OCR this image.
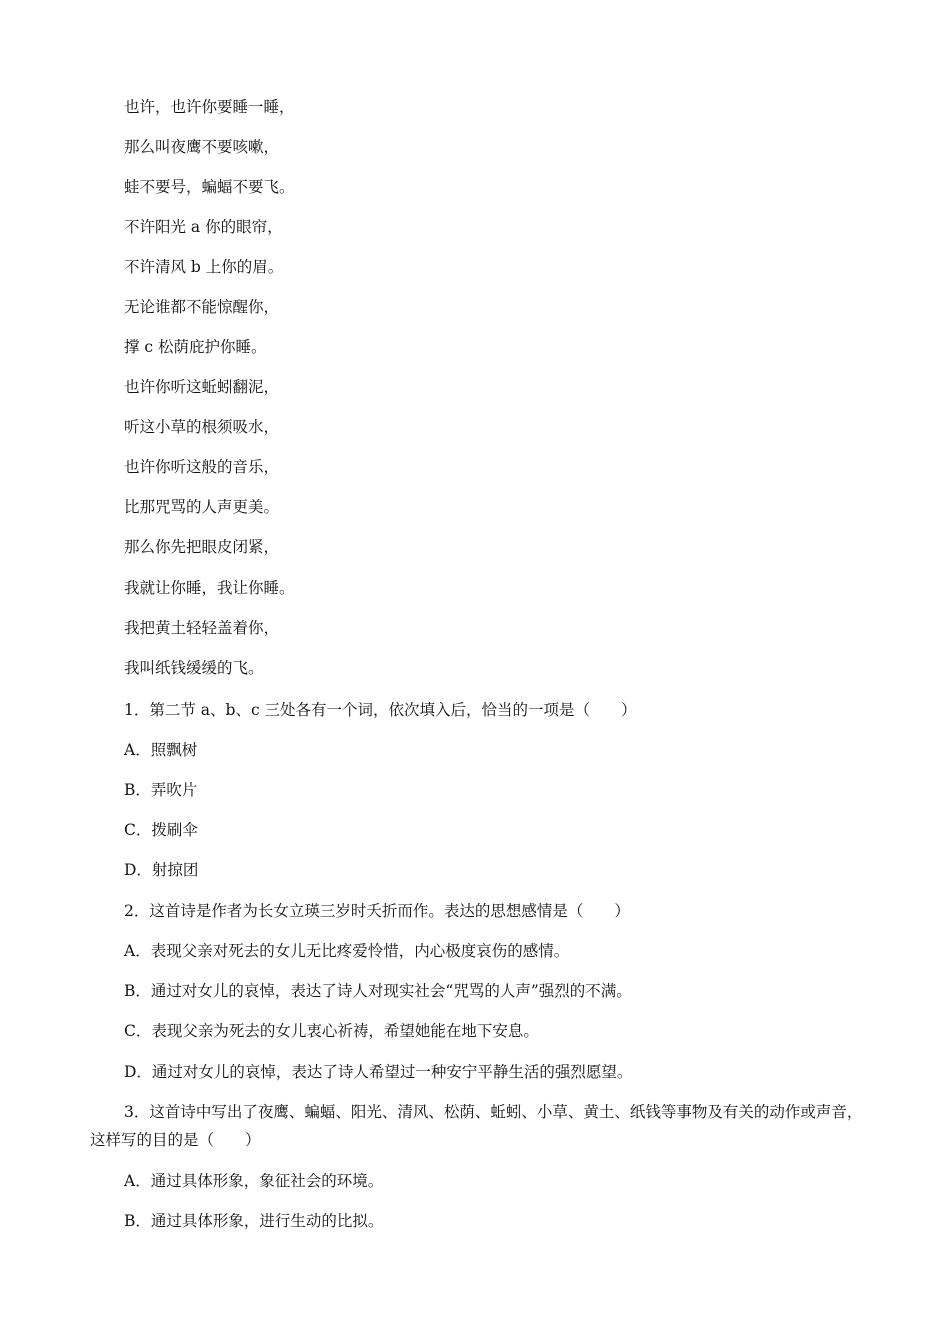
也许，也许你要睡一睡，
那么叫夜鹰不要咳嗽，
蛙不要号，蝙蝠不要飞。
不许阳光 a 你的眼帘，
不许清风 b 上你的眉。
无论谁都不能惊醒你，
撑 c 松荫庇护你睡。
也许你听这蚯蚓翻泥，
听这小草的根须吸水，
也许你听这般的音乐，
比那咒骂的人声更美。
那么你先把眼皮闭紧，
我就让你睡，我让你睡。
我把黄土轻轻盖着你，
我叫纸钱缓缓的飞。
1．第二节 a、b、c 三处各有一个词，依次填入后，恰当的一项是（　　）
A．照飘树
B．弄吹片
C．拨刷伞
D．射掠团
2．这首诗是作者为长女立瑛三岁时夭折而作。表达的思想感情是（　　）
A．表现父亲对死去的女儿无比疼爱怜惜，内心极度哀伤的感情。
B．通过对女儿的哀悼，表达了诗人对现实社会“咒骂的人声”强烈的不满。
C．表现父亲为死去的女儿衷心祈祷，希望她能在地下安息。
D．通过对女儿的哀悼，表达了诗人希望过一种安宁平静生活的强烈愿望。
3．这首诗中写出了夜鹰、蝙蝠、阳光、清风、松荫、蚯蚓、小草、黄土、纸钱等事物及有关的动作或声音，这样写的目的是（　　）
A．通过具体形象，象征社会的环境。
B．通过具体形象，进行生动的比拟。
